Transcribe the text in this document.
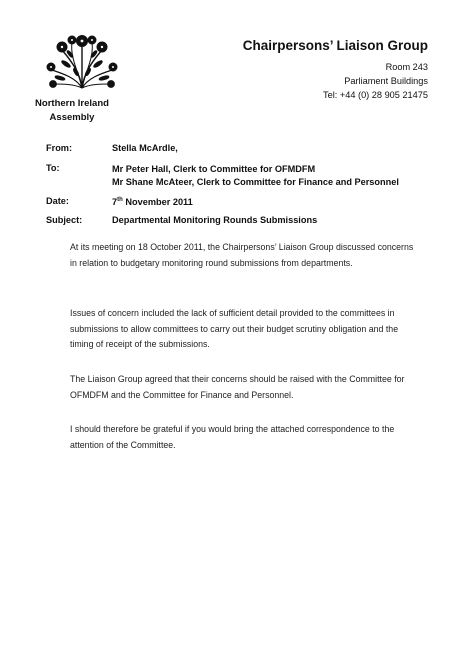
Northern Ireland
Assembly
Chairpersons’ Liaison Group
Room 243
Parliament Buildings
Tel: +44 (0) 28 905 21475
From:	Stella McArdle,
To:	Mr Peter Hall, Clerk to Committee for OFMDFM
Mr Shane McAteer, Clerk to Committee for Finance and Personnel
Date:	7th November 2011
Subject:	Departmental Monitoring Rounds Submissions

At its meeting on 18 October 2011, the Chairpersons’ Liaison Group discussed concerns in relation to budgetary monitoring round submissions from departments.

Issues of concern included the lack of sufficient detail provided to the committees in submissions to allow committees to carry out their budget scrutiny obligation and the timing of receipt of the submissions.

The Liaison Group agreed that their concerns should be raised with the Committee for OFMDFM and the Committee for Finance and Personnel.

I should therefore be grateful if you would bring the attached correspondence to the attention of the Committee.
